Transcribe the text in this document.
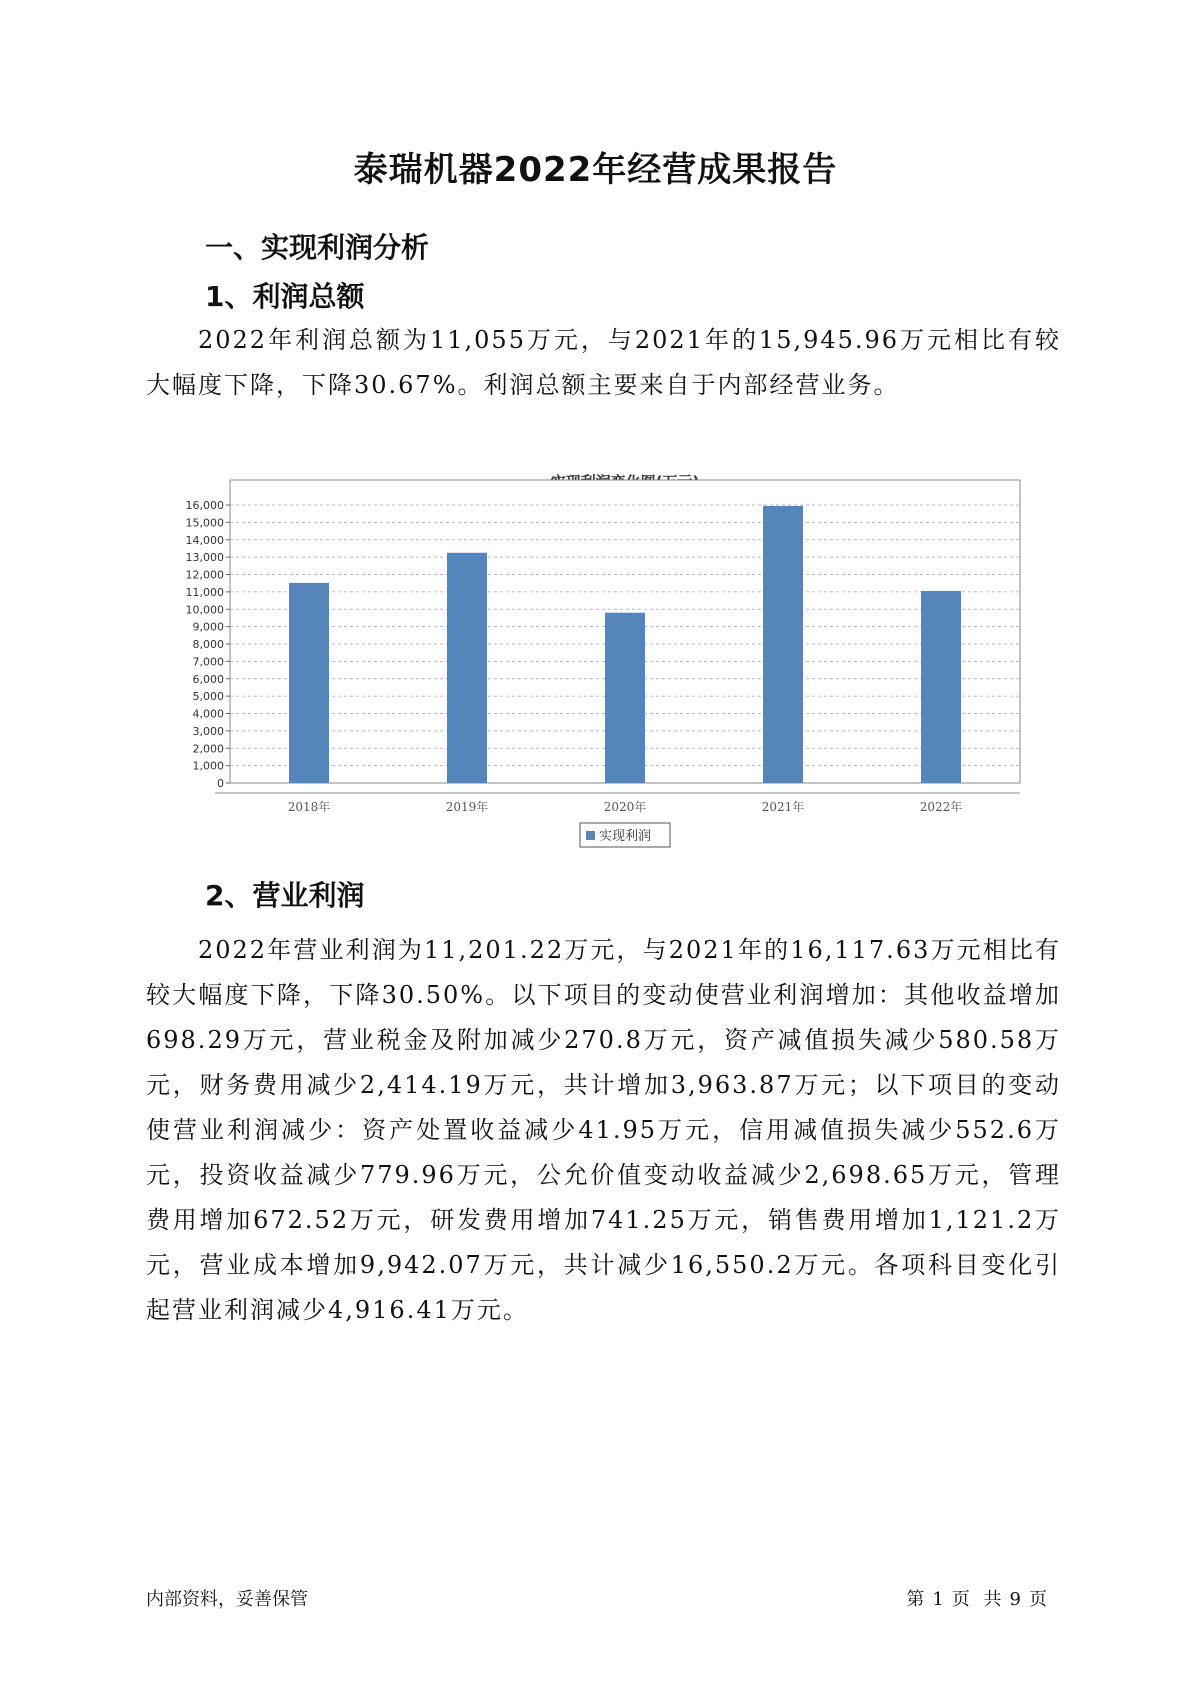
泰瑞机器2022年经营成果报告
一、实现利润分析
1、利润总额
2022年利润总额为11,055万元，与2021年的15,945.96万元相比有较大幅度下降，下降30.67%。利润总额主要来自于内部经营业务。
0
1,000
2,000
3,000
4,000
5,000
6,000
7,000
8,000
9,000
10,000
11,000
12,000
13,000
14,000
15,000
16,000
2018年	2019年	2020年	2021年	2022年
实现利润
2、营业利润
2022年营业利润为11,201.22万元，与2021年的16,117.63万元相比有较大幅度下降，下降30.50%。以下项目的变动使营业利润增加：其他收益增加698.29万元，营业税金及附加减少270.8万元，资产减值损失减少580.58万元，财务费用减少2,414.19万元，共计增加3,963.87万元；以下项目的变动使营业利润减少：资产处置收益减少41.95万元，信用减值损失减少552.6万元，投资收益减少779.96万元，公允价值变动收益减少2,698.65万元，管理费用增加672.52万元，研发费用增加741.25万元，销售费用增加1,121.2万元，营业成本增加9,942.07万元，共计减少16,550.2万元。各项科目变化引起营业利润减少4,916.41万元。
内部资料，妥善保管	第 1 页 共 9 页
